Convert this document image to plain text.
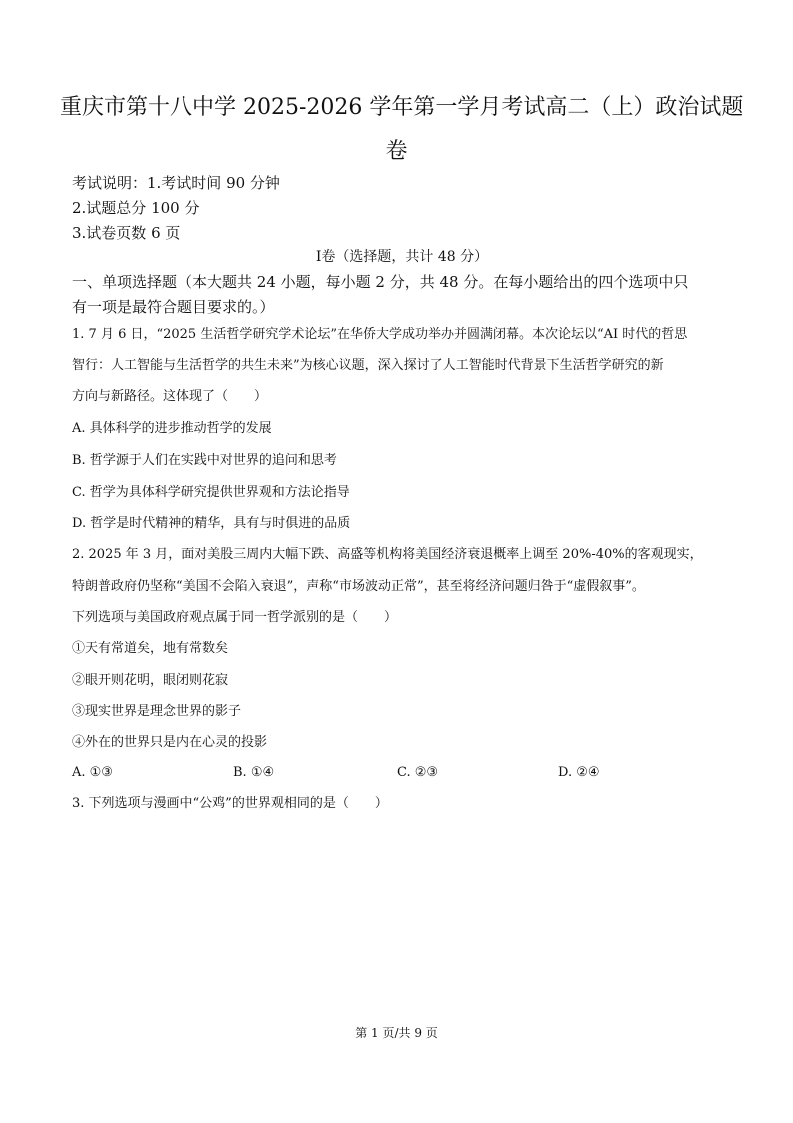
重庆市第十八中学 2025-2026 学年第一学月考试高二（上）政治试题
卷
考试说明：1.考试时间 90 分钟
2.试题总分 100 分
3.试卷页数 6 页
Ⅰ卷（选择题，共计 48 分）
一、单项选择题（本大题共 24 小题，每小题 2 分，共 48 分。在每小题给出的四个选项中只
有一项是最符合题目要求的。）
1. 7 月 6 日，“2025 生活哲学研究学术论坛”在华侨大学成功举办并圆满闭幕。本次论坛以“AI 时代的哲思
智行：人工智能与生活哲学的共生未来”为核心议题，深入探讨了人工智能时代背景下生活哲学研究的新
方向与新路径。这体现了（　　）
A. 具体科学的进步推动哲学的发展
B. 哲学源于人们在实践中对世界的追问和思考
C. 哲学为具体科学研究提供世界观和方法论指导
D. 哲学是时代精神的精华，具有与时俱进的品质
2. 2025 年 3 月，面对美股三周内大幅下跌、高盛等机构将美国经济衰退概率上调至 20%-40%的客观现实，
特朗普政府仍坚称“美国不会陷入衰退”，声称“市场波动正常”，甚至将经济问题归咎于“虚假叙事”。
下列选项与美国政府观点属于同一哲学派别的是（　　）
①天有常道矣，地有常数矣
②眼开则花明，眼闭则花寂
③现实世界是理念世界的影子
④外在的世界只是内在心灵的投影
A. ①③	B. ①④	C. ②③	D. ②④
3. 下列选项与漫画中“公鸡”的世界观相同的是（　　）
第 1 页/共 9 页
